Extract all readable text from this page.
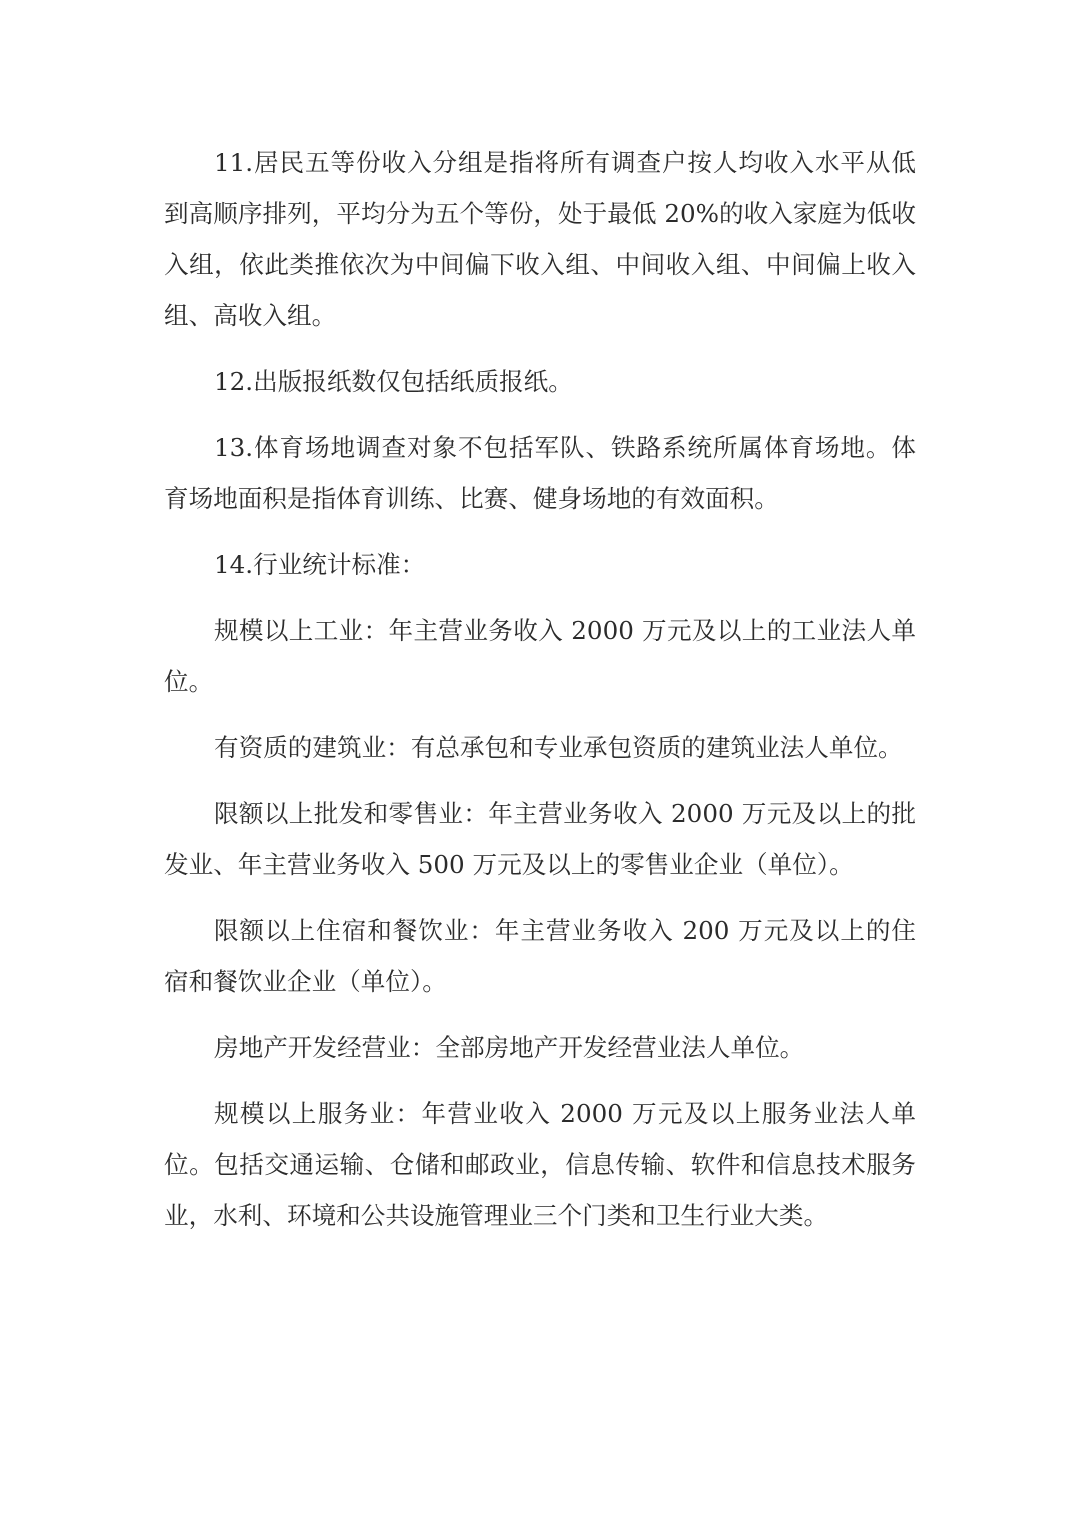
11.居民五等份收入分组是指将所有调查户按人均收入水平从低到高顺序排列，平均分为五个等份，处于最低 20%的收入家庭为低收入组，依此类推依次为中间偏下收入组、中间收入组、中间偏上收入组、高收入组。

12.出版报纸数仅包括纸质报纸。

13.体育场地调查对象不包括军队、铁路系统所属体育场地。体育场地面积是指体育训练、比赛、健身场地的有效面积。

14.行业统计标准：

规模以上工业：年主营业务收入 2000 万元及以上的工业法人单位。

有资质的建筑业：有总承包和专业承包资质的建筑业法人单位。

限额以上批发和零售业：年主营业务收入 2000 万元及以上的批发业、年主营业务收入 500 万元及以上的零售业企业（单位）。

限额以上住宿和餐饮业：年主营业务收入 200 万元及以上的住宿和餐饮业企业（单位）。

房地产开发经营业：全部房地产开发经营业法人单位。

规模以上服务业：年营业收入 2000 万元及以上服务业法人单位。包括交通运输、仓储和邮政业，信息传输、软件和信息技术服务业，水利、环境和公共设施管理业三个门类和卫生行业大类。
